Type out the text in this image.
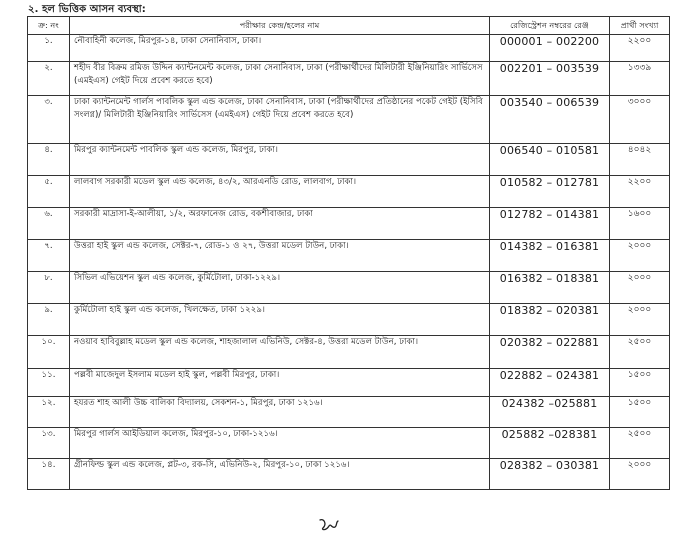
২. হল ভিত্তিক আসন ব্যবস্থা:
ক্র: নং	পরীক্ষার কেন্দ্র/হলের নাম	রেজিস্ট্রেশন নম্বরের রেঞ্জ	প্রার্থী সংখ্যা
১.	নৌবাহিনী কলেজ, মিরপুর-১৪, ঢাকা সেনানিবাস, ঢাকা।	000001 – 002200	২২০০
২.	শহীদ বীর বিক্রম রমিজ উদ্দিন ক্যান্টনমেন্ট কলেজ, ঢাকা সেনানিবাস, ঢাকা (পরীক্ষার্থীদের মিলিটারী ইঞ্জিনিয়ারিং সার্ভিসেস (এমইএস) গেইট দিয়ে প্রবেশ করতে হবে)	002201 – 003539	১৩৩৯
৩.	ঢাকা ক্যান্টনমেন্ট গার্লস পাবলিক স্কুল এন্ড কলেজ, ঢাকা সেনানিবাস, ঢাকা (পরীক্ষার্থীদের প্রতিষ্ঠানের পকেট গেইট (ইসিবি সংলগ্ন)/ মিলিটারী ইঞ্জিনিয়ারিং সার্ভিসেস (এমইএস) গেইট দিয়ে প্রবেশ করতে হবে)	003540 – 006539	৩০০০
৪.	মিরপুর ক্যান্টনমেন্ট পাবলিক স্কুল এন্ড কলেজ, মিরপুর, ঢাকা।	006540 – 010581	৪০৪২
৫.	লালবাগ সরকারী মডেল স্কুল এন্ড কলেজ, ৪৩/২, আরএনডি রোড, লালবাগ, ঢাকা।	010582 – 012781	২২০০
৬.	সরকারী মাদ্রাসা-ই-আলীয়া, ১/২, অরফানেজ রোড, বকশীবাজার, ঢাকা	012782 – 014381	১৬০০
৭.	উত্তরা হাই স্কুল এন্ড কলেজ, সেক্টর-৭, রোড-১ ও ২৭, উত্তরা মডেল টাউন, ঢাকা।	014382 – 016381	২০০০
৮.	সিভিল এভিয়েশন স্কুল এন্ড কলেজ, কুর্মিটোলা, ঢাকা-১২২৯।	016382 – 018381	২০০০
৯.	কুর্মিটোলা হাই স্কুল এন্ড কলেজ, খিলক্ষেত, ঢাকা ১২২৯।	018382 – 020381	২০০০
১০.	নওয়াব হাবিবুল্লাহ মডেল স্কুল এন্ড কলেজ, শাহজালাল এভিনিউ, সেক্টর-৪, উত্তরা মডেল টাউন, ঢাকা।	020382 – 022881	২৫০০
১১.	পল্লবী মাজেদুল ইসলাম মডেল হাই স্কুল, পল্লবী মিরপুর, ঢাকা।	022882 – 024381	১৫০০
১২.	হযরত শাহ আলী উচ্চ বালিকা বিদ্যালয়, সেকশন-১, মিরপুর, ঢাকা ১২১৬।	024382 –025881	১৫০০
১৩.	মিরপুর গার্লস আইডিয়াল কলেজ, মিরপুর-১০, ঢাকা-১২১৬।	025882 –028381	২৫০০
১৪.	গ্রীনফিল্ড স্কুল এন্ড কলেজ, প্লট-৩, রক-সি, এভিনিউ-২, মিরপুর-১০, ঢাকা ১২১৬।	028382 – 030381	২০০০
